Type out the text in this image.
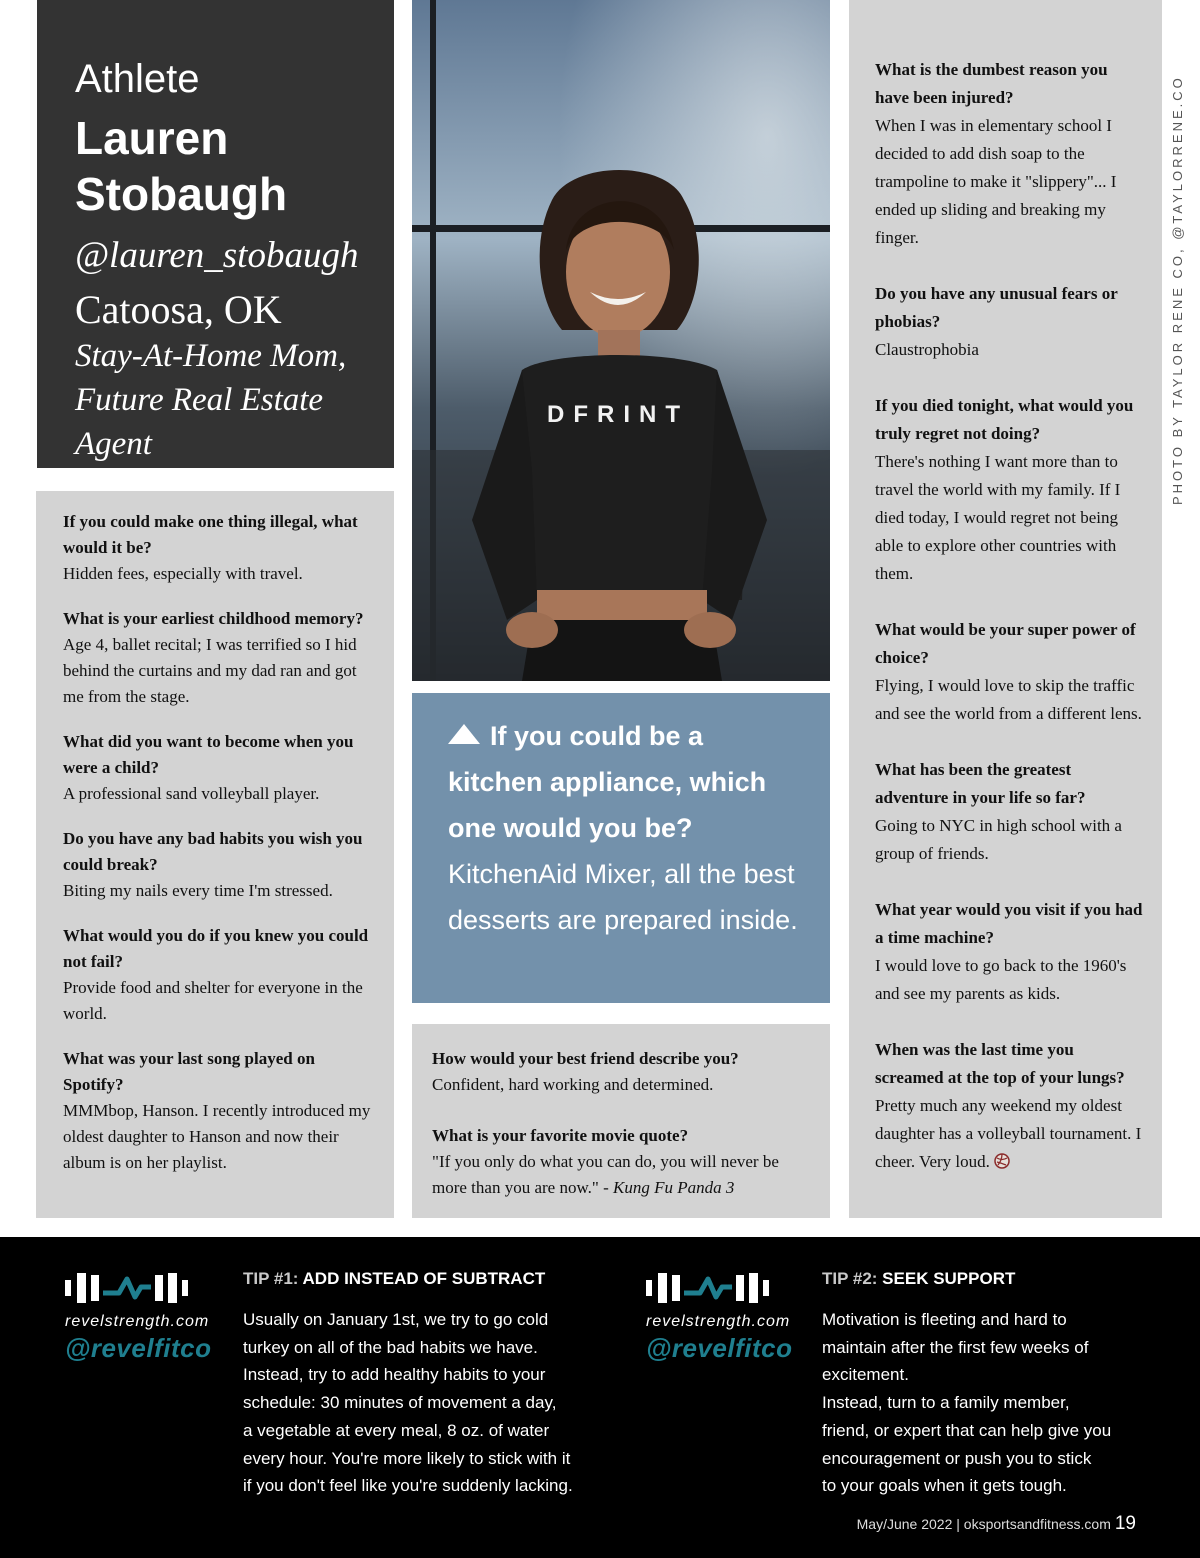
Athlete
Lauren
Stobaugh
@lauren_stobaugh
Catoosa, OK
Stay-At-Home Mom,
Future Real Estate
Agent
If you could make one thing illegal, what would it be?
Hidden fees, especially with travel.
What is your earliest childhood memory?
Age 4, ballet recital; I was terrified so I hid behind the curtains and my dad ran and got me from the stage.
What did you want to become when you were a child?
A professional sand volleyball player.
Do you have any bad habits you wish you could break?
Biting my nails every time I'm stressed.
What would you do if you knew you could not fail?
Provide food and shelter for everyone in the world.
What was your last song played on Spotify?
MMMbop, Hanson. I recently introduced my oldest daughter to Hanson and now their album is on her playlist.
DFRINT
If you could be a kitchen appliance, which one would you be?
KitchenAid Mixer, all the best desserts are prepared inside.
How would your best friend describe you?
Confident, hard working and determined.
What is your favorite movie quote?
"If you only do what you can do, you will never be more than you are now." - Kung Fu Panda 3
What is the dumbest reason you have been injured?
When I was in elementary school I decided to add dish soap to the trampoline to make it "slippery"... I ended up sliding and breaking my finger.
Do you have any unusual fears or phobias?
Claustrophobia
If you died tonight, what would you truly regret not doing?
There's nothing I want more than to travel the world with my family. If I died today, I would regret not being able to explore other countries with them.
What would be your super power of choice?
Flying, I would love to skip the traffic and see the world from a different lens.
What has been the greatest adventure in your life so far?
Going to NYC in high school with a group of friends.
What year would you visit if you had a time machine?
I would love to go back to the 1960's and see my parents as kids.
When was the last time you screamed at the top of your lungs?
Pretty much any weekend my oldest daughter has a volleyball tournament. I cheer. Very loud.
PHOTO BY TAYLOR RENE CO, @TAYLORRENE.CO
revelstrength.com
@revelfitco
TIP #1: ADD INSTEAD OF SUBTRACT
Usually on January 1st, we try to go cold
turkey on all of the bad habits we have.
Instead, try to add healthy habits to your
schedule: 30 minutes of movement a day,
a vegetable at every meal, 8 oz. of water
every hour. You're more likely to stick with it
if you don't feel like you're suddenly lacking.
revelstrength.com
@revelfitco
TIP #2: SEEK SUPPORT
Motivation is fleeting and hard to
maintain after the first few weeks of
excitement.
Instead, turn to a family member,
friend, or expert that can help give you
encouragement or push you to stick
to your goals when it gets tough.
May/June 2022 | oksportsandfitness.com 19
